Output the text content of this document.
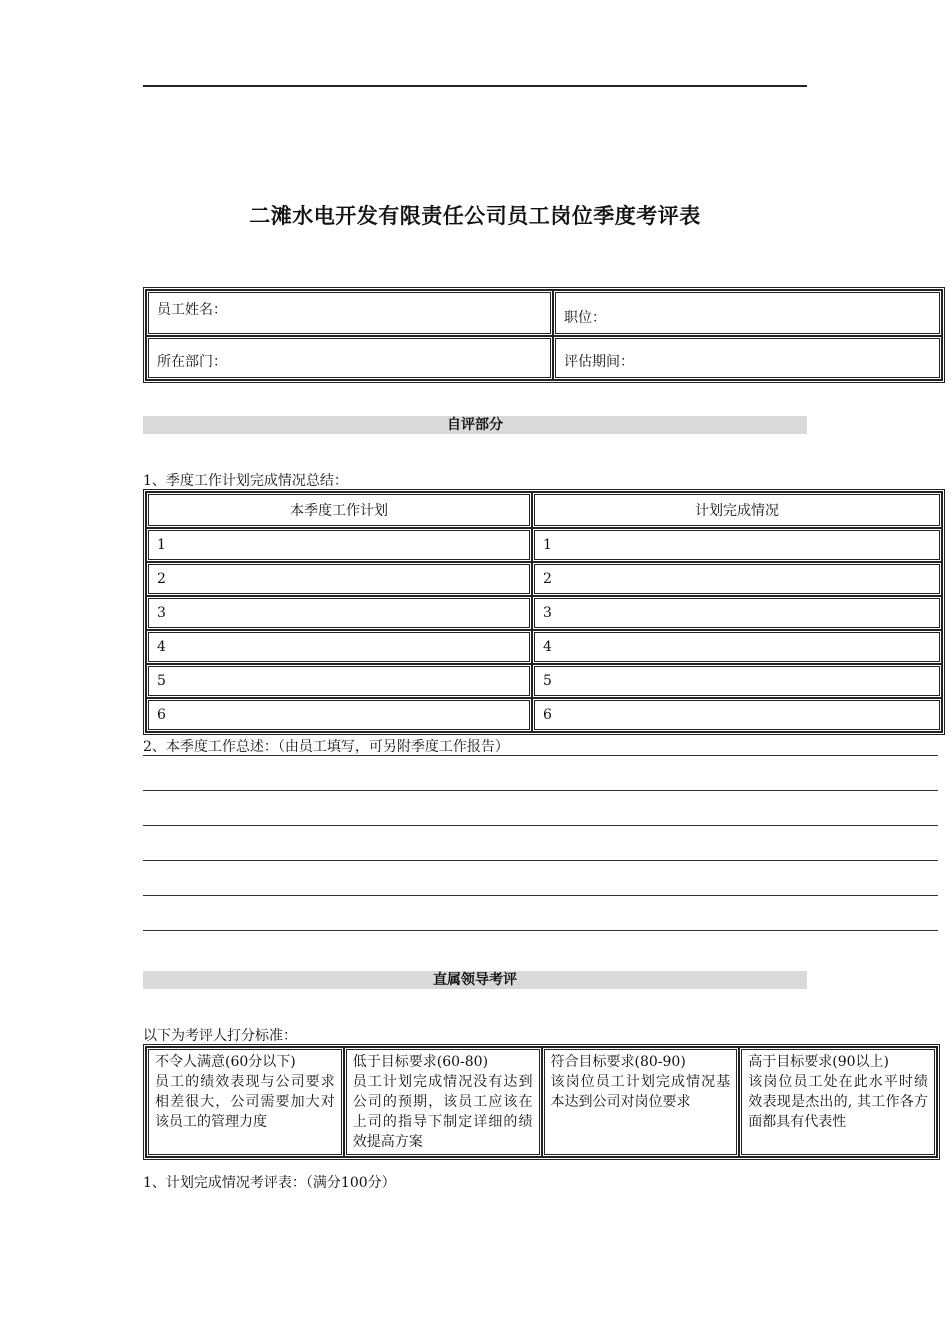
二滩水电开发有限责任公司员工岗位季度考评表
员工姓名：	职位：
所在部门：	评估期间：
自评部分
1、季度工作计划完成情况总结：
本季度工作计划	计划完成情况
1	1
2	2
3	3
4	4
5	5
6	6
2、本季度工作总述：（由员工填写，可另附季度工作报告）
直属领导考评
以下为考评人打分标准：
不令人满意(60分以下)
员工的绩效表现与公司要求相差很大，公司需要加大对该员工的管理力度

低于目标要求(60-80)
员工计划完成情况没有达到公司的预期，该员工应该在上司的指导下制定详细的绩效提高方案

符合目标要求(80-90)
该岗位员工计划完成情况基本达到公司对岗位要求

高于目标要求(90以上)
该岗位员工处在此水平时绩效表现是杰出的, 其工作各方面都具有代表性
1、计划完成情况考评表：（满分100分）
